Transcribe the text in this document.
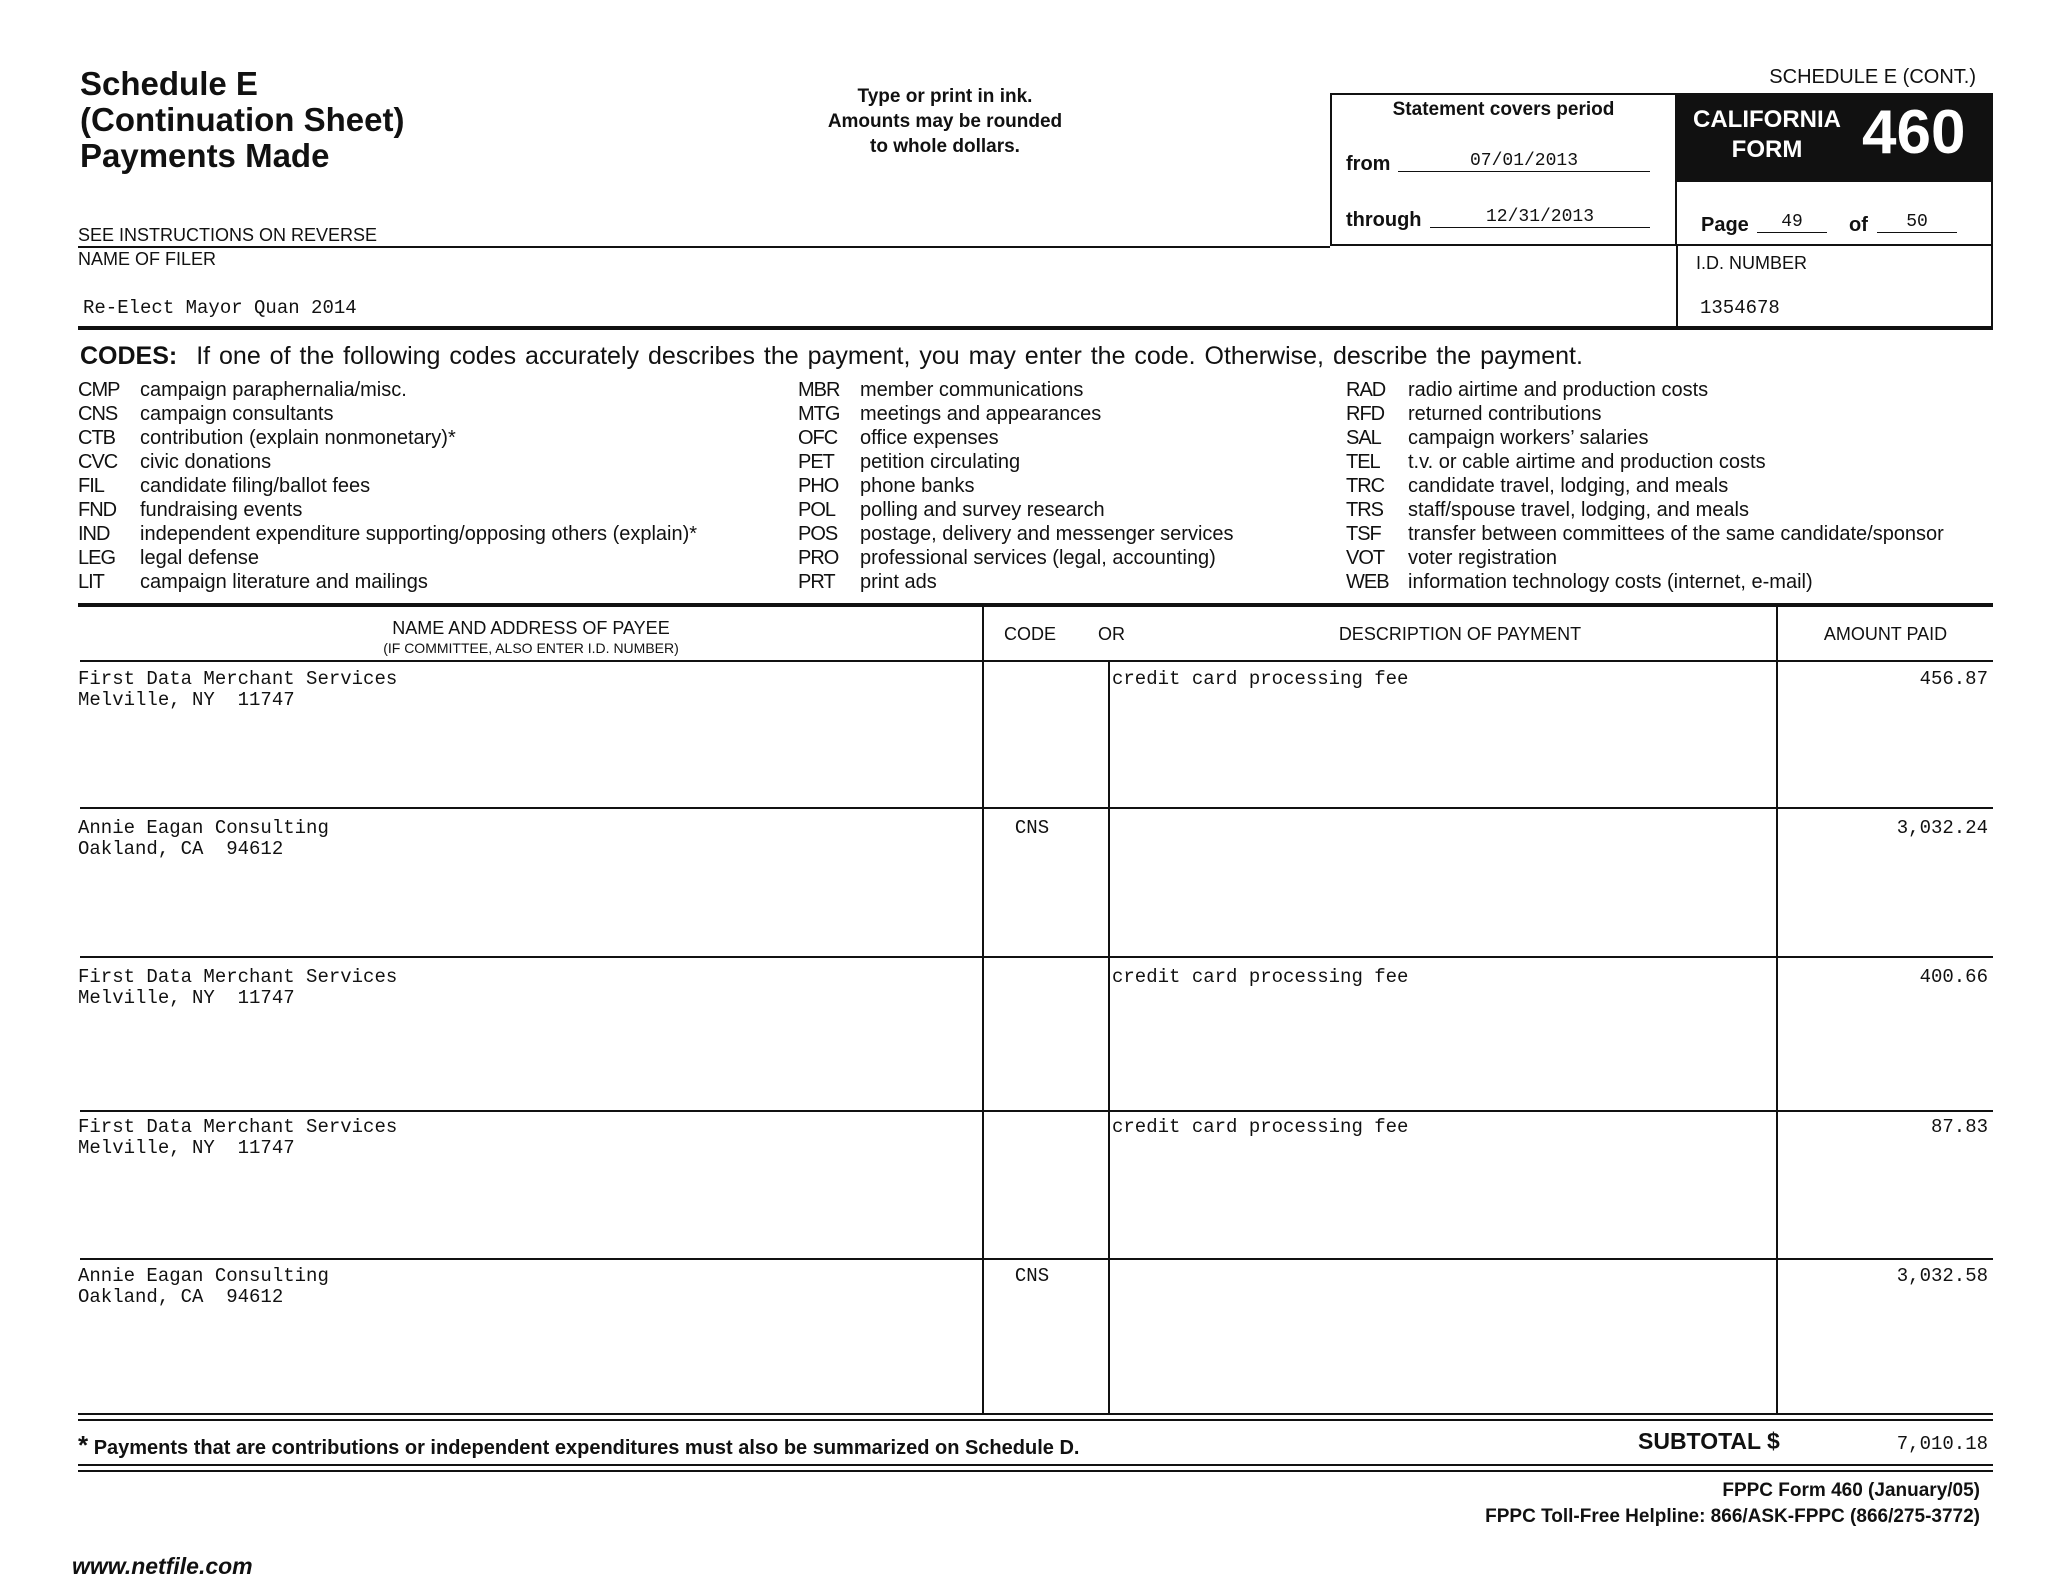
Schedule E
(Continuation Sheet)
Payments Made
Type or print in ink.
Amounts may be rounded
to whole dollars.
SCHEDULE E (CONT.)
SEE INSTRUCTIONS ON REVERSE
Statement covers period
from	07/01/2013
through	12/31/2013
CALIFORNIA
FORM 460
Page	49	of	50
NAME OF FILER
Re-Elect Mayor Quan 2014
I.D. NUMBER
1354678
CODES: If one of the following codes accurately describes the payment, you may enter the code. Otherwise, describe the payment.
CMP campaign paraphernalia/misc.
CNS campaign consultants
CTB contribution (explain nonmonetary)*
CVC civic donations
FIL candidate filing/ballot fees
FND fundraising events
IND independent expenditure supporting/opposing others (explain)*
LEG legal defense
LIT campaign literature and mailings
MBR member communications
MTG meetings and appearances
OFC office expenses
PET petition circulating
PHO phone banks
POL polling and survey research
POS postage, delivery and messenger services
PRO professional services (legal, accounting)
PRT print ads
RAD radio airtime and production costs
RFD returned contributions
SAL campaign workers’ salaries
TEL t.v. or cable airtime and production costs
TRC candidate travel, lodging, and meals
TRS staff/spouse travel, lodging, and meals
TSF transfer between committees of the same candidate/sponsor
VOT voter registration
WEB information technology costs (internet, e-mail)
NAME AND ADDRESS OF PAYEE
(IF COMMITTEE, ALSO ENTER I.D. NUMBER)
CODE OR	DESCRIPTION OF PAYMENT	AMOUNT PAID
First Data Merchant Services
Melville, NY  11747
credit card processing fee	456.87
Annie Eagan Consulting
Oakland, CA  94612
CNS	3,032.24
First Data Merchant Services
Melville, NY  11747
credit card processing fee	400.66
First Data Merchant Services
Melville, NY  11747
credit card processing fee	87.83
Annie Eagan Consulting
Oakland, CA  94612
CNS	3,032.58
* Payments that are contributions or independent expenditures must also be summarized on Schedule D.	SUBTOTAL $	7,010.18
FPPC Form 460 (January/05)
FPPC Toll-Free Helpline: 866/ASK-FPPC (866/275-3772)
www.netfile.com
